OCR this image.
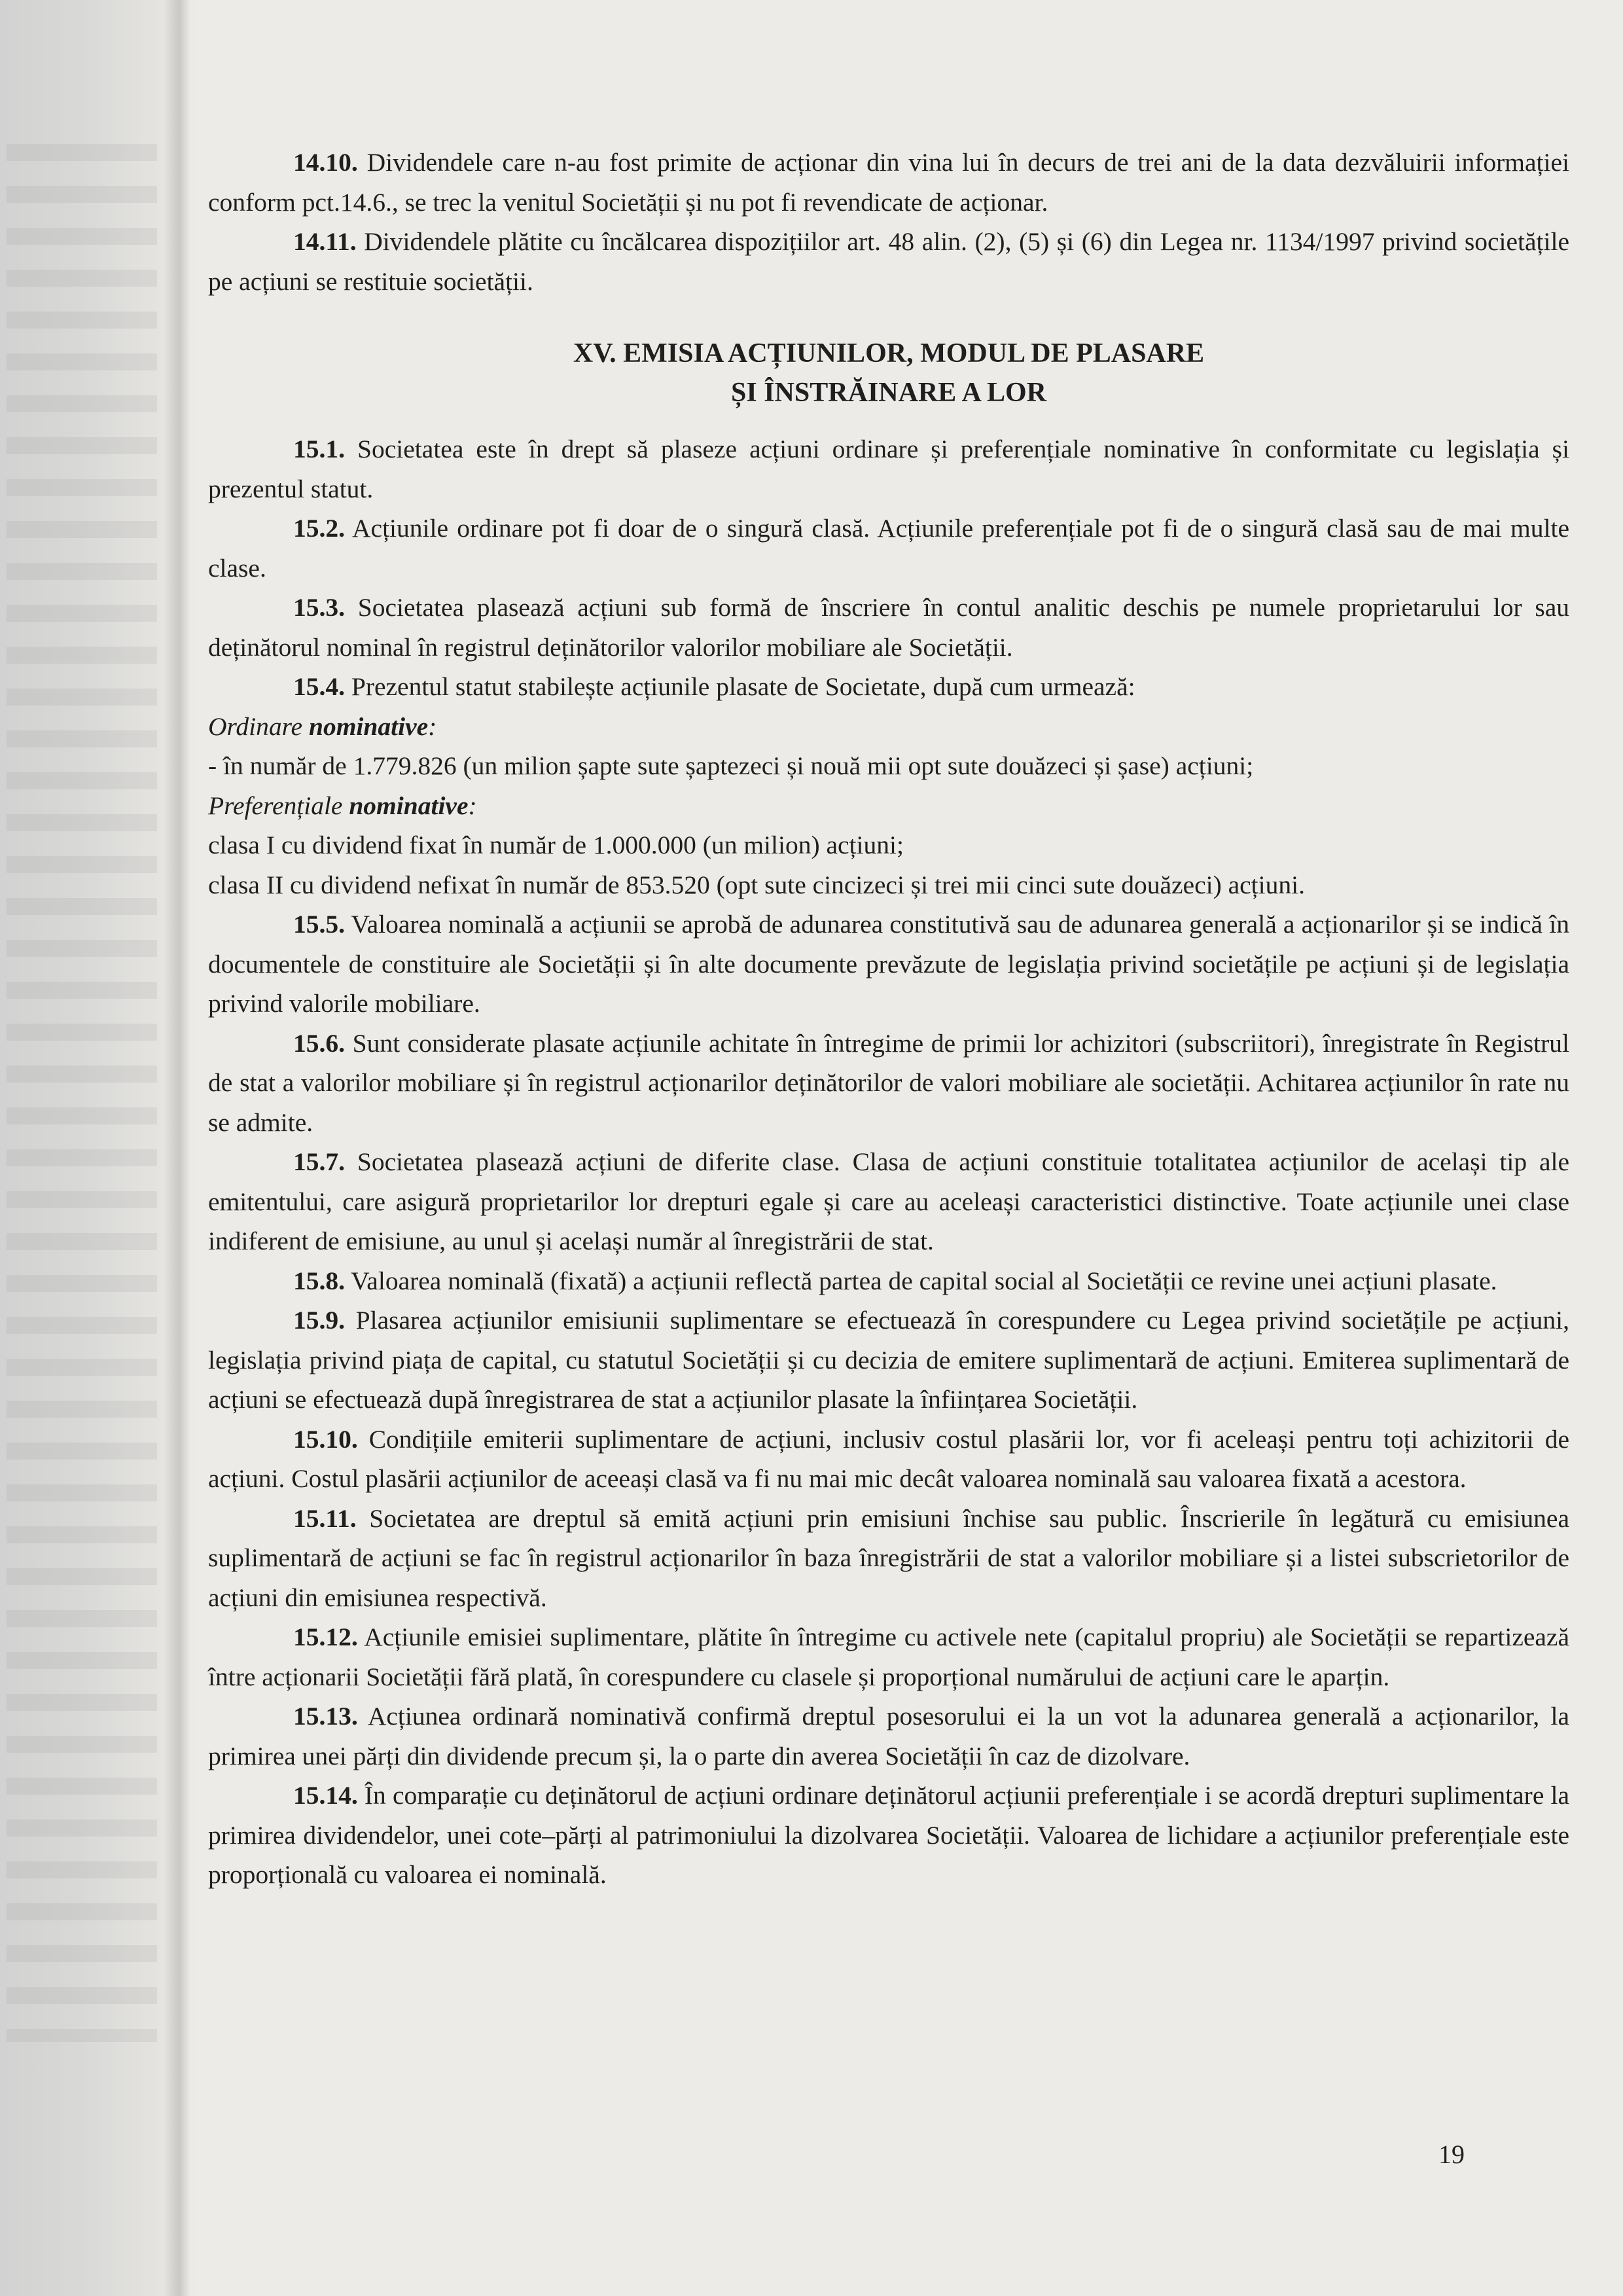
14.10. Dividendele care n-au fost primite de acționar din vina lui în decurs de trei ani de la data dezvăluirii informației conform pct.14.6., se trec la venitul Societății și nu pot fi revendicate de acționar.

14.11. Dividendele plătite cu încălcarea dispozițiilor art. 48 alin. (2), (5) și (6) din Legea nr. 1134/1997 privind societățile pe acțiuni se restituie societății.

XV. EMISIA ACȚIUNILOR, MODUL DE PLASARE
ȘI ÎNSTRĂINARE A LOR

15.1. Societatea este în drept să plaseze acțiuni ordinare și preferențiale nominative în conformitate cu legislația și prezentul statut.

15.2. Acțiunile ordinare pot fi doar de o singură clasă. Acțiunile preferențiale pot fi de o singură clasă sau de mai multe clase.

15.3. Societatea plasează acțiuni sub formă de înscriere în contul analitic deschis pe numele proprietarului lor sau deținătorul nominal în registrul deținătorilor valorilor mobiliare ale Societății.

15.4. Prezentul statut stabilește acțiunile plasate de Societate, după cum urmează:

Ordinare nominative:

- în număr de 1.779.826 (un milion șapte sute șaptezeci și nouă mii opt sute douăzeci și șase) acțiuni;

Preferențiale nominative:

clasa I cu dividend fixat în număr de 1.000.000 (un milion) acțiuni;

clasa II cu dividend nefixat în număr de 853.520 (opt sute cincizeci și trei mii cinci sute douăzeci) acțiuni.

15.5. Valoarea nominală a acțiunii se aprobă de adunarea constitutivă sau de adunarea generală a acționarilor și se indică în documentele de constituire ale Societății și în alte documente prevăzute de legislația privind societățile pe acțiuni și de legislația privind valorile mobiliare.

15.6. Sunt considerate plasate acțiunile achitate în întregime de primii lor achizitori (subscriitori), înregistrate în Registrul de stat a valorilor mobiliare și în registrul acționarilor deținătorilor de valori mobiliare ale societății. Achitarea acțiunilor în rate nu se admite.

15.7. Societatea plasează acțiuni de diferite clase. Clasa de acțiuni constituie totalitatea acțiunilor de același tip ale emitentului, care asigură proprietarilor lor drepturi egale și care au aceleași caracteristici distinctive. Toate acțiunile unei clase indiferent de emisiune, au unul și același număr al înregistrării de stat.

15.8. Valoarea nominală (fixată) a acțiunii reflectă partea de capital social al Societății ce revine unei acțiuni plasate.

15.9. Plasarea acțiunilor emisiunii suplimentare se efectuează în corespundere cu Legea privind societățile pe acțiuni, legislația privind piața de capital, cu statutul Societății și cu decizia de emitere suplimentară de acțiuni. Emiterea suplimentară de acțiuni se efectuează după înregistrarea de stat a acțiunilor plasate la înființarea Societății.

15.10. Condițiile emiterii suplimentare de acțiuni, inclusiv costul plasării lor, vor fi aceleași pentru toți achizitorii de acțiuni. Costul plasării acțiunilor de aceeași clasă va fi nu mai mic decât valoarea nominală sau valoarea fixată a acestora.

15.11. Societatea are dreptul să emită acțiuni prin emisiuni închise sau public. Înscrierile în legătură cu emisiunea suplimentară de acțiuni se fac în registrul acționarilor în baza înregistrării de stat a valorilor mobiliare și a listei subscrietorilor de acțiuni din emisiunea respectivă.

15.12. Acțiunile emisiei suplimentare, plătite în întregime cu activele nete (capitalul propriu) ale Societății se repartizează între acționarii Societății fără plată, în corespundere cu clasele și proporțional numărului de acțiuni care le aparțin.

15.13. Acțiunea ordinară nominativă confirmă dreptul posesorului ei la un vot la adunarea generală a acționarilor, la primirea unei părți din dividende precum și, la o parte din averea Societății în caz de dizolvare.

15.14. În comparație cu deținătorul de acțiuni ordinare deținătorul acțiunii preferențiale i se acordă drepturi suplimentare la primirea dividendelor, unei cote–părți al patrimoniului la dizolvarea Societății. Valoarea de lichidare a acțiunilor preferențiale este proporțională cu valoarea ei nominală.

19
